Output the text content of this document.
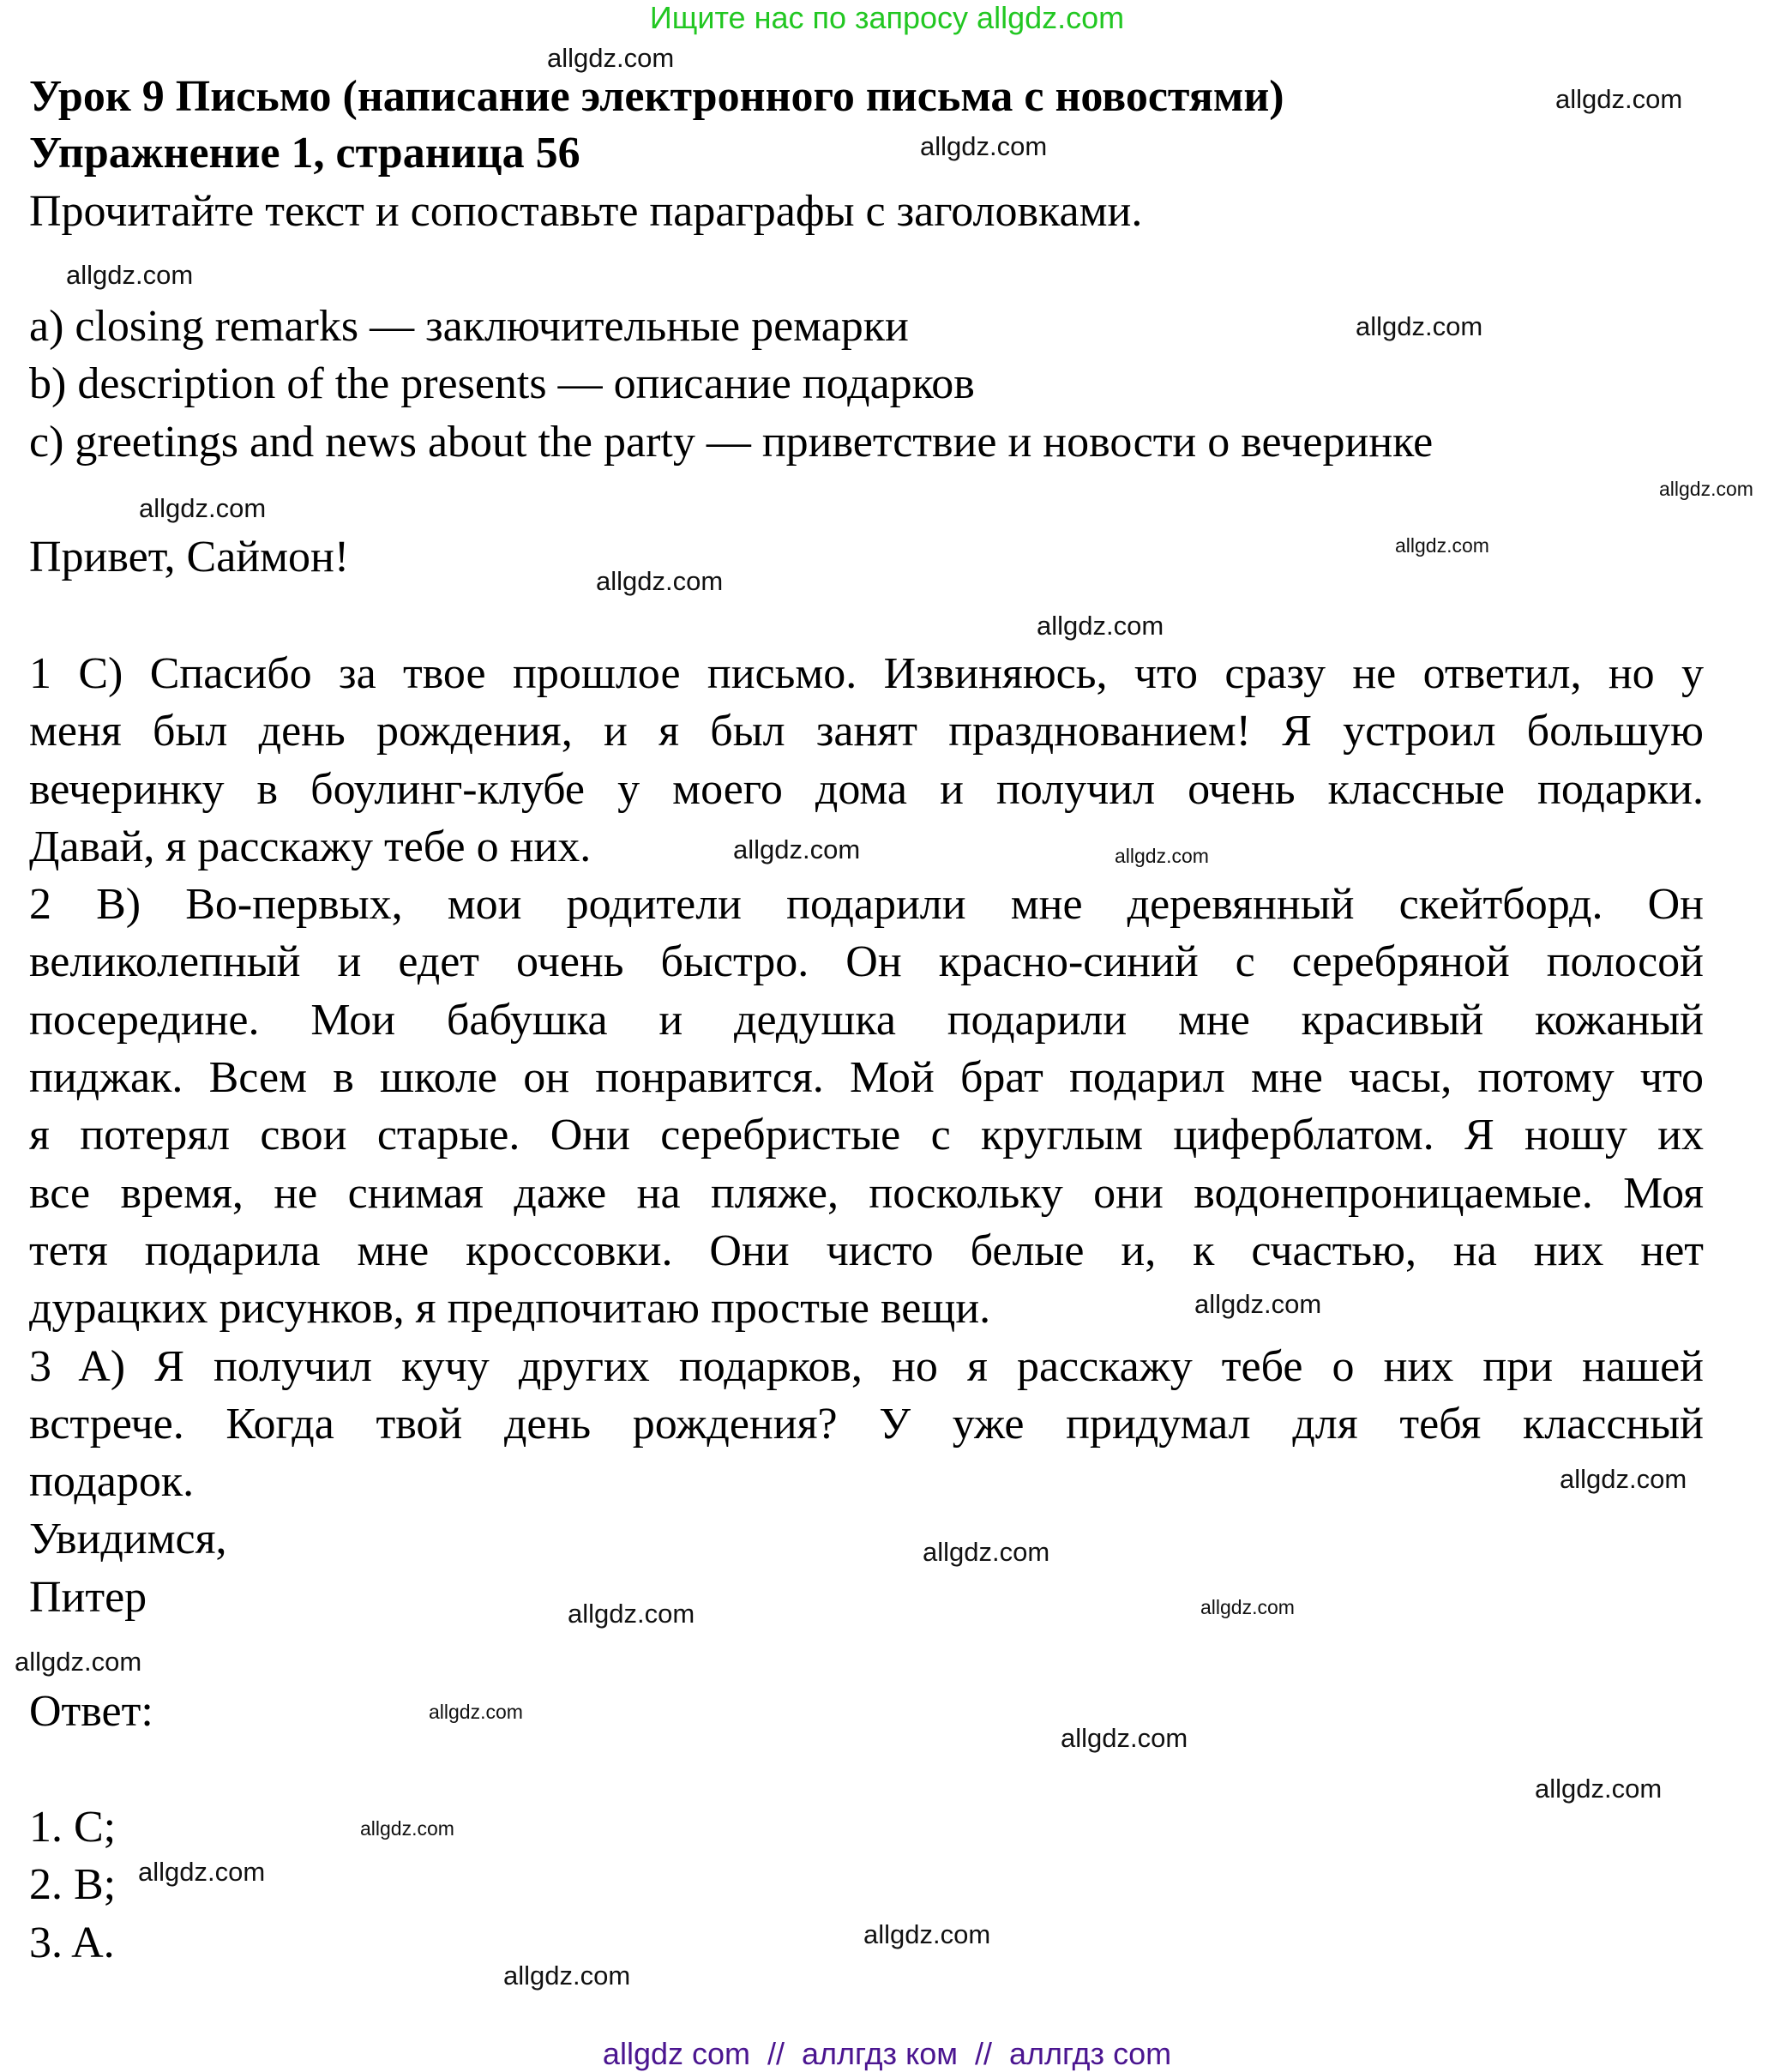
Ищите нас по запросу allgdz.com
Урок 9 Письмо (написание электронного письма с новостями)
Упражнение 1, страница 56
Прочитайте текст и сопоставьте параграфы с заголовками.
a) closing remarks — заключительные ремарки
b) description of the presents — описание подарков
c) greetings and news about the party — приветствие и новости о вечеринке
Привет, Саймон!
1 C) Спасибо за твое прошлое письмо. Извиняюсь, что сразу не ответил, но у
меня был день рождения, и я был занят празднованием! Я устроил большую
вечеринку в боулинг-клубе у моего дома и получил очень классные подарки.
Давай, я расскажу тебе о них.
2 B) Во-первых, мои родители подарили мне деревянный скейтборд. Он
великолепный и едет очень быстро. Он красно-синий с серебряной полосой
посередине. Мои бабушка и дедушка подарили мне красивый кожаный
пиджак. Всем в школе он понравится. Мой брат подарил мне часы, потому что
я потерял свои старые. Они серебристые с круглым циферблатом. Я ношу их
все время, не снимая даже на пляже, поскольку они водонепроницаемые. Моя
тетя подарила мне кроссовки. Они чисто белые и, к счастью, на них нет
дурацких рисунков, я предпочитаю простые вещи.
3 A) Я получил кучу других подарков, но я расскажу тебе о них при нашей
встрече. Когда твой день рождения? У уже придумал для тебя классный
подарок.
Увидимся,
Питер
Ответ:
1. C;
2. B;
3. A.
allgdz.com
allgdz.com
allgdz.com
allgdz.com
allgdz.com
allgdz.com
allgdz.com
allgdz.com
allgdz.com
allgdz.com
allgdz.com	allgdz.com
allgdz.com
allgdz.com
allgdz.com
allgdz.com
allgdz.com
allgdz.com
allgdz.com
allgdz.com
allgdz.com
allgdz.com
allgdz.com
allgdz.com
allgdz.com
allgdz com  //  аллгдз ком  //  аллгдз com
